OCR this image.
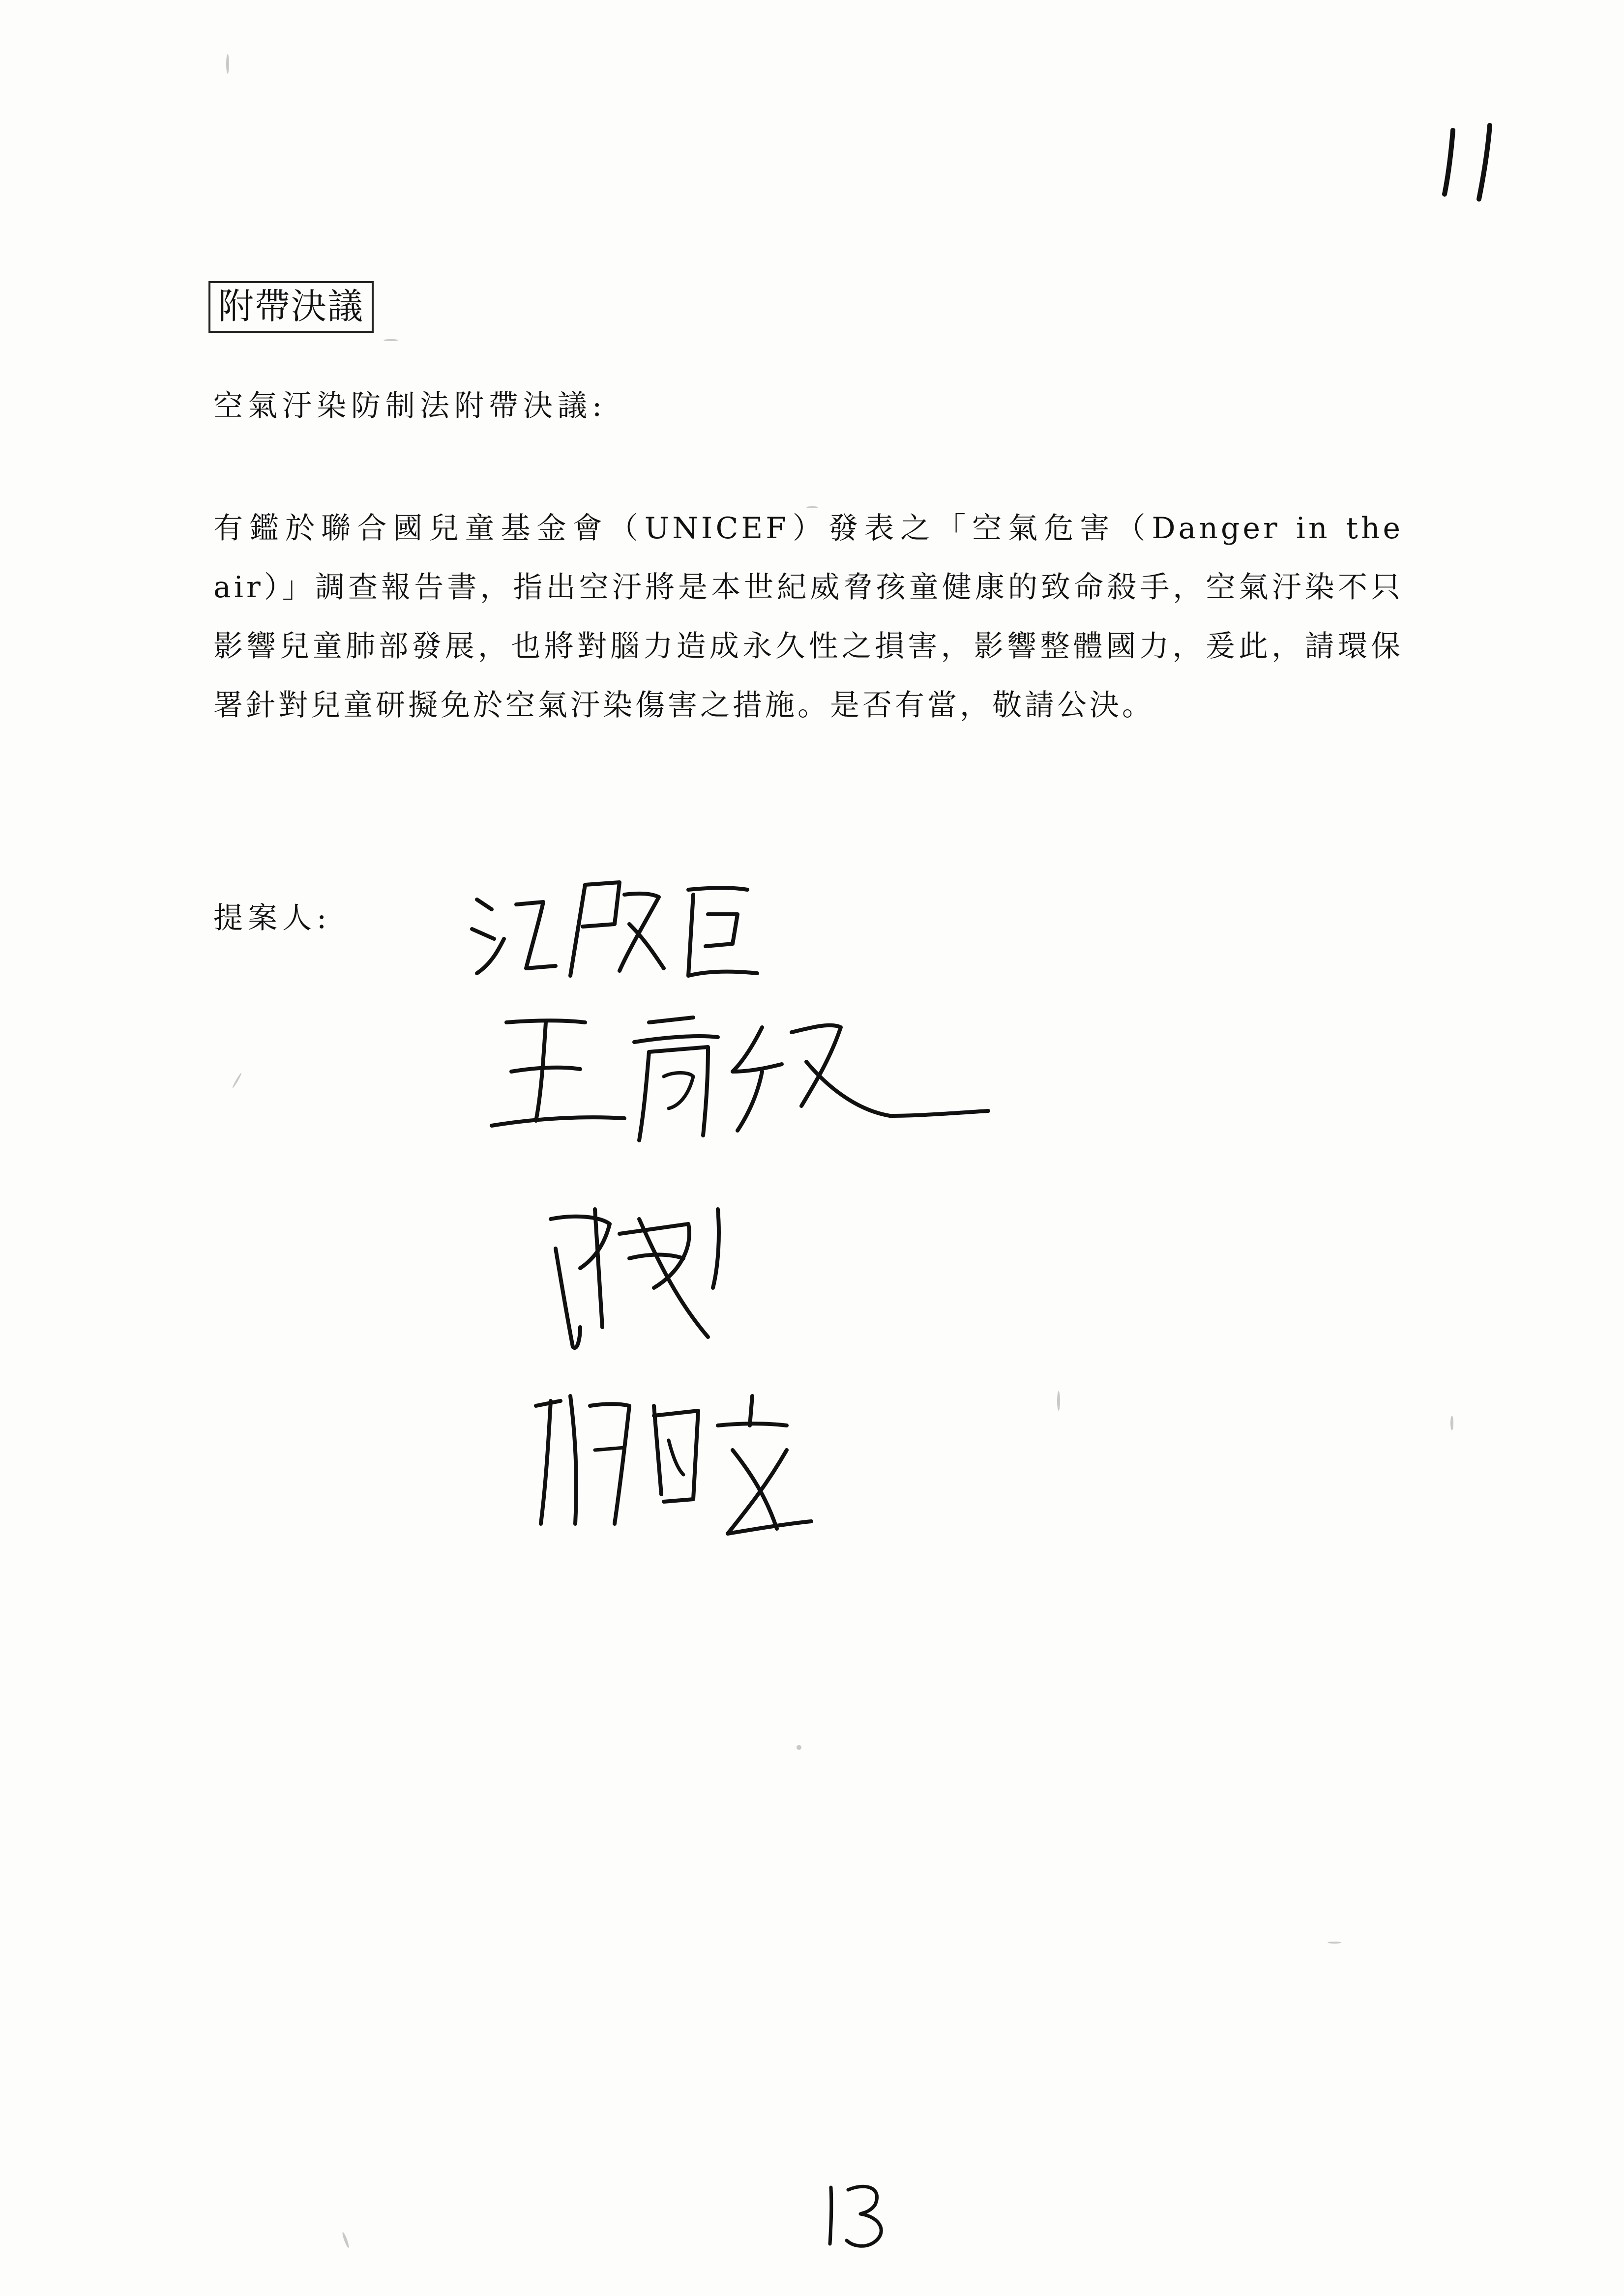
附帶決議
空氣汙染防制法附帶決議:
有鑑於聯合國兒童基金會（UNICEF）發表之「空氣危害（Danger in the air）」調查報告書，指出空汙將是本世紀威脅孩童健康的致命殺手，空氣汙染不只影響兒童肺部發展，也將對腦力造成永久性之損害，影響整體國力，爰此，請環保署針對兒童研擬免於空氣汙染傷害之措施。是否有當，敬請公決。
提案人:
